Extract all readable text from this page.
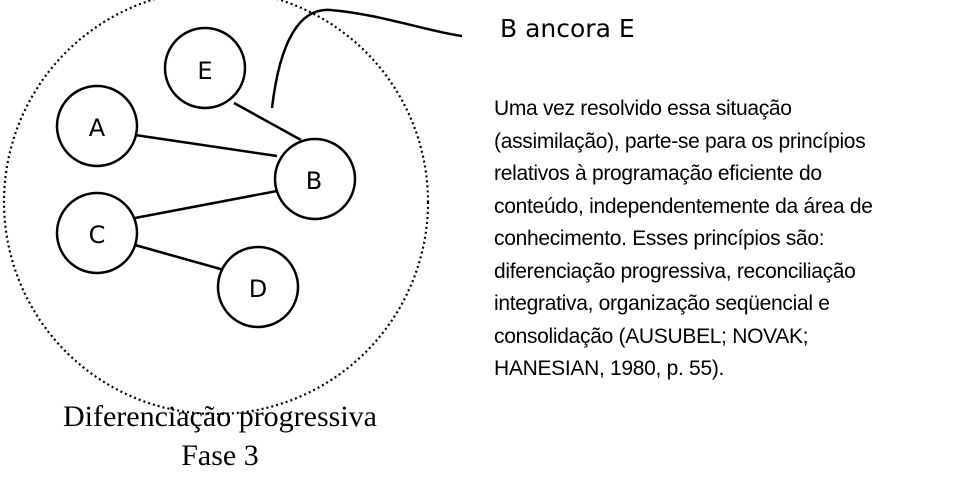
E
A
B
C
D
B ancora E
Uma vez resolvido essa situação
(assimilação), parte-se para os princípios
relativos à programação eficiente do
conteúdo, independentemente da área de
conhecimento. Esses princípios são:
diferenciação progressiva, reconciliação
integrativa, organização seqüencial e
consolidação (AUSUBEL; NOVAK;
HANESIAN, 1980, p. 55).
Diferenciação progressiva
Fase 3
